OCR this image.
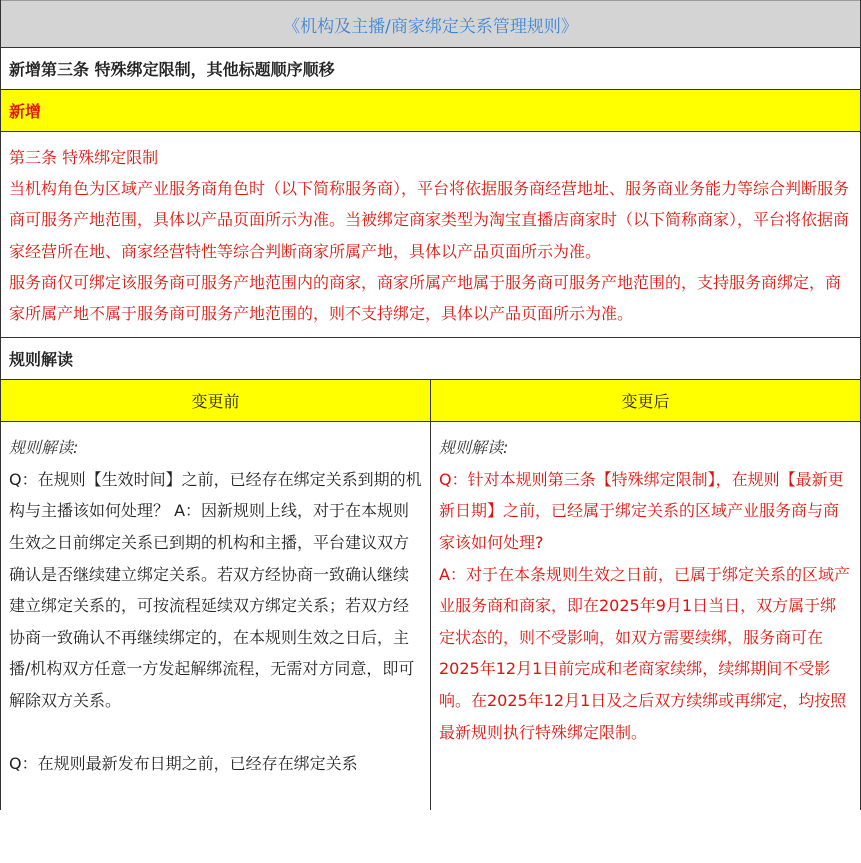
《机构及主播/商家绑定关系管理规则》
新增第三条 特殊绑定限制，其他标题顺序顺移
新增

第三条 特殊绑定限制

当机构角色为区域产业服务商角色时（以下简称服务商），平台将依据服务商经营地址、服务商业务能力等综合判断服务商可服务产地范围，具体以产品页面所示为准。当被绑定商家类型为淘宝直播店商家时（以下简称商家），平台将依据商家经营所在地、商家经营特性等综合判断商家所属产地，具体以产品页面所示为准。

服务商仅可绑定该服务商可服务产地范围内的商家，商家所属产地属于服务商可服务产地范围的，支持服务商绑定，商家所属产地不属于服务商可服务产地范围的，则不支持绑定，具体以产品页面所示为准。

规则解读
变更前

规则解读:

Q：在规则【生效时间】之前，已经存在绑定关系到期的机构与主播该如何处理？ A：因新规则上线，对于在本规则生效之日前绑定关系已到期的机构和主播，平台建议双方确认是否继续建立绑定关系。若双方经协商一致确认继续建立绑定关系的，可按流程延续双方绑定关系；若双方经协商一致确认不再继续绑定的，在本规则生效之日后，主播/机构双方任意一方发起解绑流程，无需对方同意，即可解除双方关系。

Q：在规则最新发布日期之前，已经存在绑定关系

变更后

规则解读:

Q：针对本规则第三条【特殊绑定限制】，在规则【最新更新日期】之前，已经属于绑定关系的区域产业服务商与商家该如何处理?

A：对于在本条规则生效之日前，已属于绑定关系的区域产业服务商和商家，即在2025年9月1日当日，双方属于绑定状态的，则不受影响，如双方需要续绑，服务商可在2025年12月1日前完成和老商家续绑，续绑期间不受影响。在2025年12月1日及之后双方续绑或再绑定，均按照最新规则执行特殊绑定限制。
